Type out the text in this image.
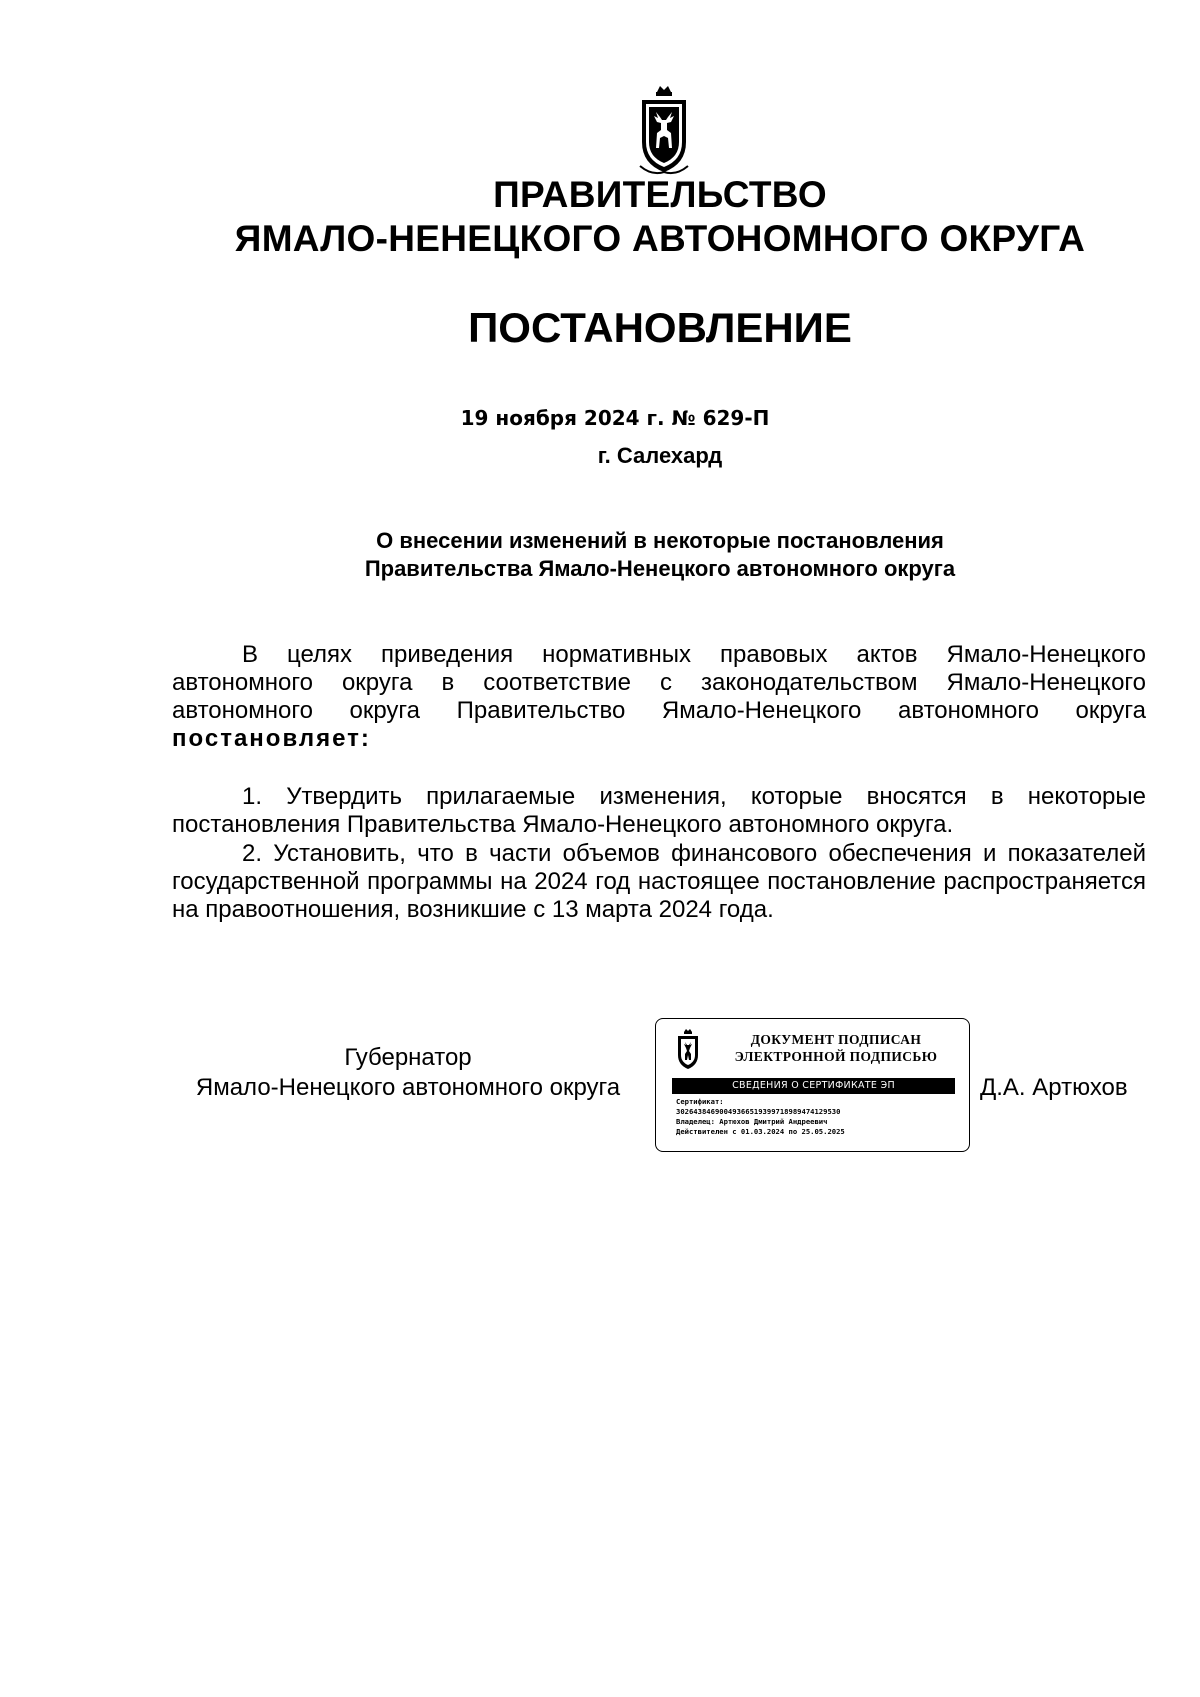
ПРАВИТЕЛЬСТВО
ЯМАЛО-НЕНЕЦКОГО АВТОНОМНОГО ОКРУГА
ПОСТАНОВЛЕНИЕ
19 ноября 2024 г. № 629-П
г. Салехард
О внесении изменений в некоторые постановления
Правительства Ямало-Ненецкого автономного округа
В целях приведения нормативных правовых актов Ямало-Ненецкого автономного округа в соответствие с законодательством Ямало-Ненецкого автономного округа Правительство Ямало-Ненецкого автономного округа постановляет:
1. Утвердить прилагаемые изменения, которые вносятся в некоторые постановления Правительства Ямало-Ненецкого автономного округа.
2. Установить, что в части объемов финансового обеспечения и показателей государственной программы на 2024 год настоящее постановление распространяется на правоотношения, возникшие с 13 марта 2024 года.
Губернатор
Ямало-Ненецкого автономного округа
ДОКУМЕНТ ПОДПИСАН
ЭЛЕКТРОННОЙ ПОДПИСЬЮ
СВЕДЕНИЯ О СЕРТИФИКАТЕ ЭП
Сертификат:
30264384690049366519399718989474129530
Владелец: Артюхов Дмитрий Андреевич
Действителен с 01.03.2024 по 25.05.2025
Д.А. Артюхов
